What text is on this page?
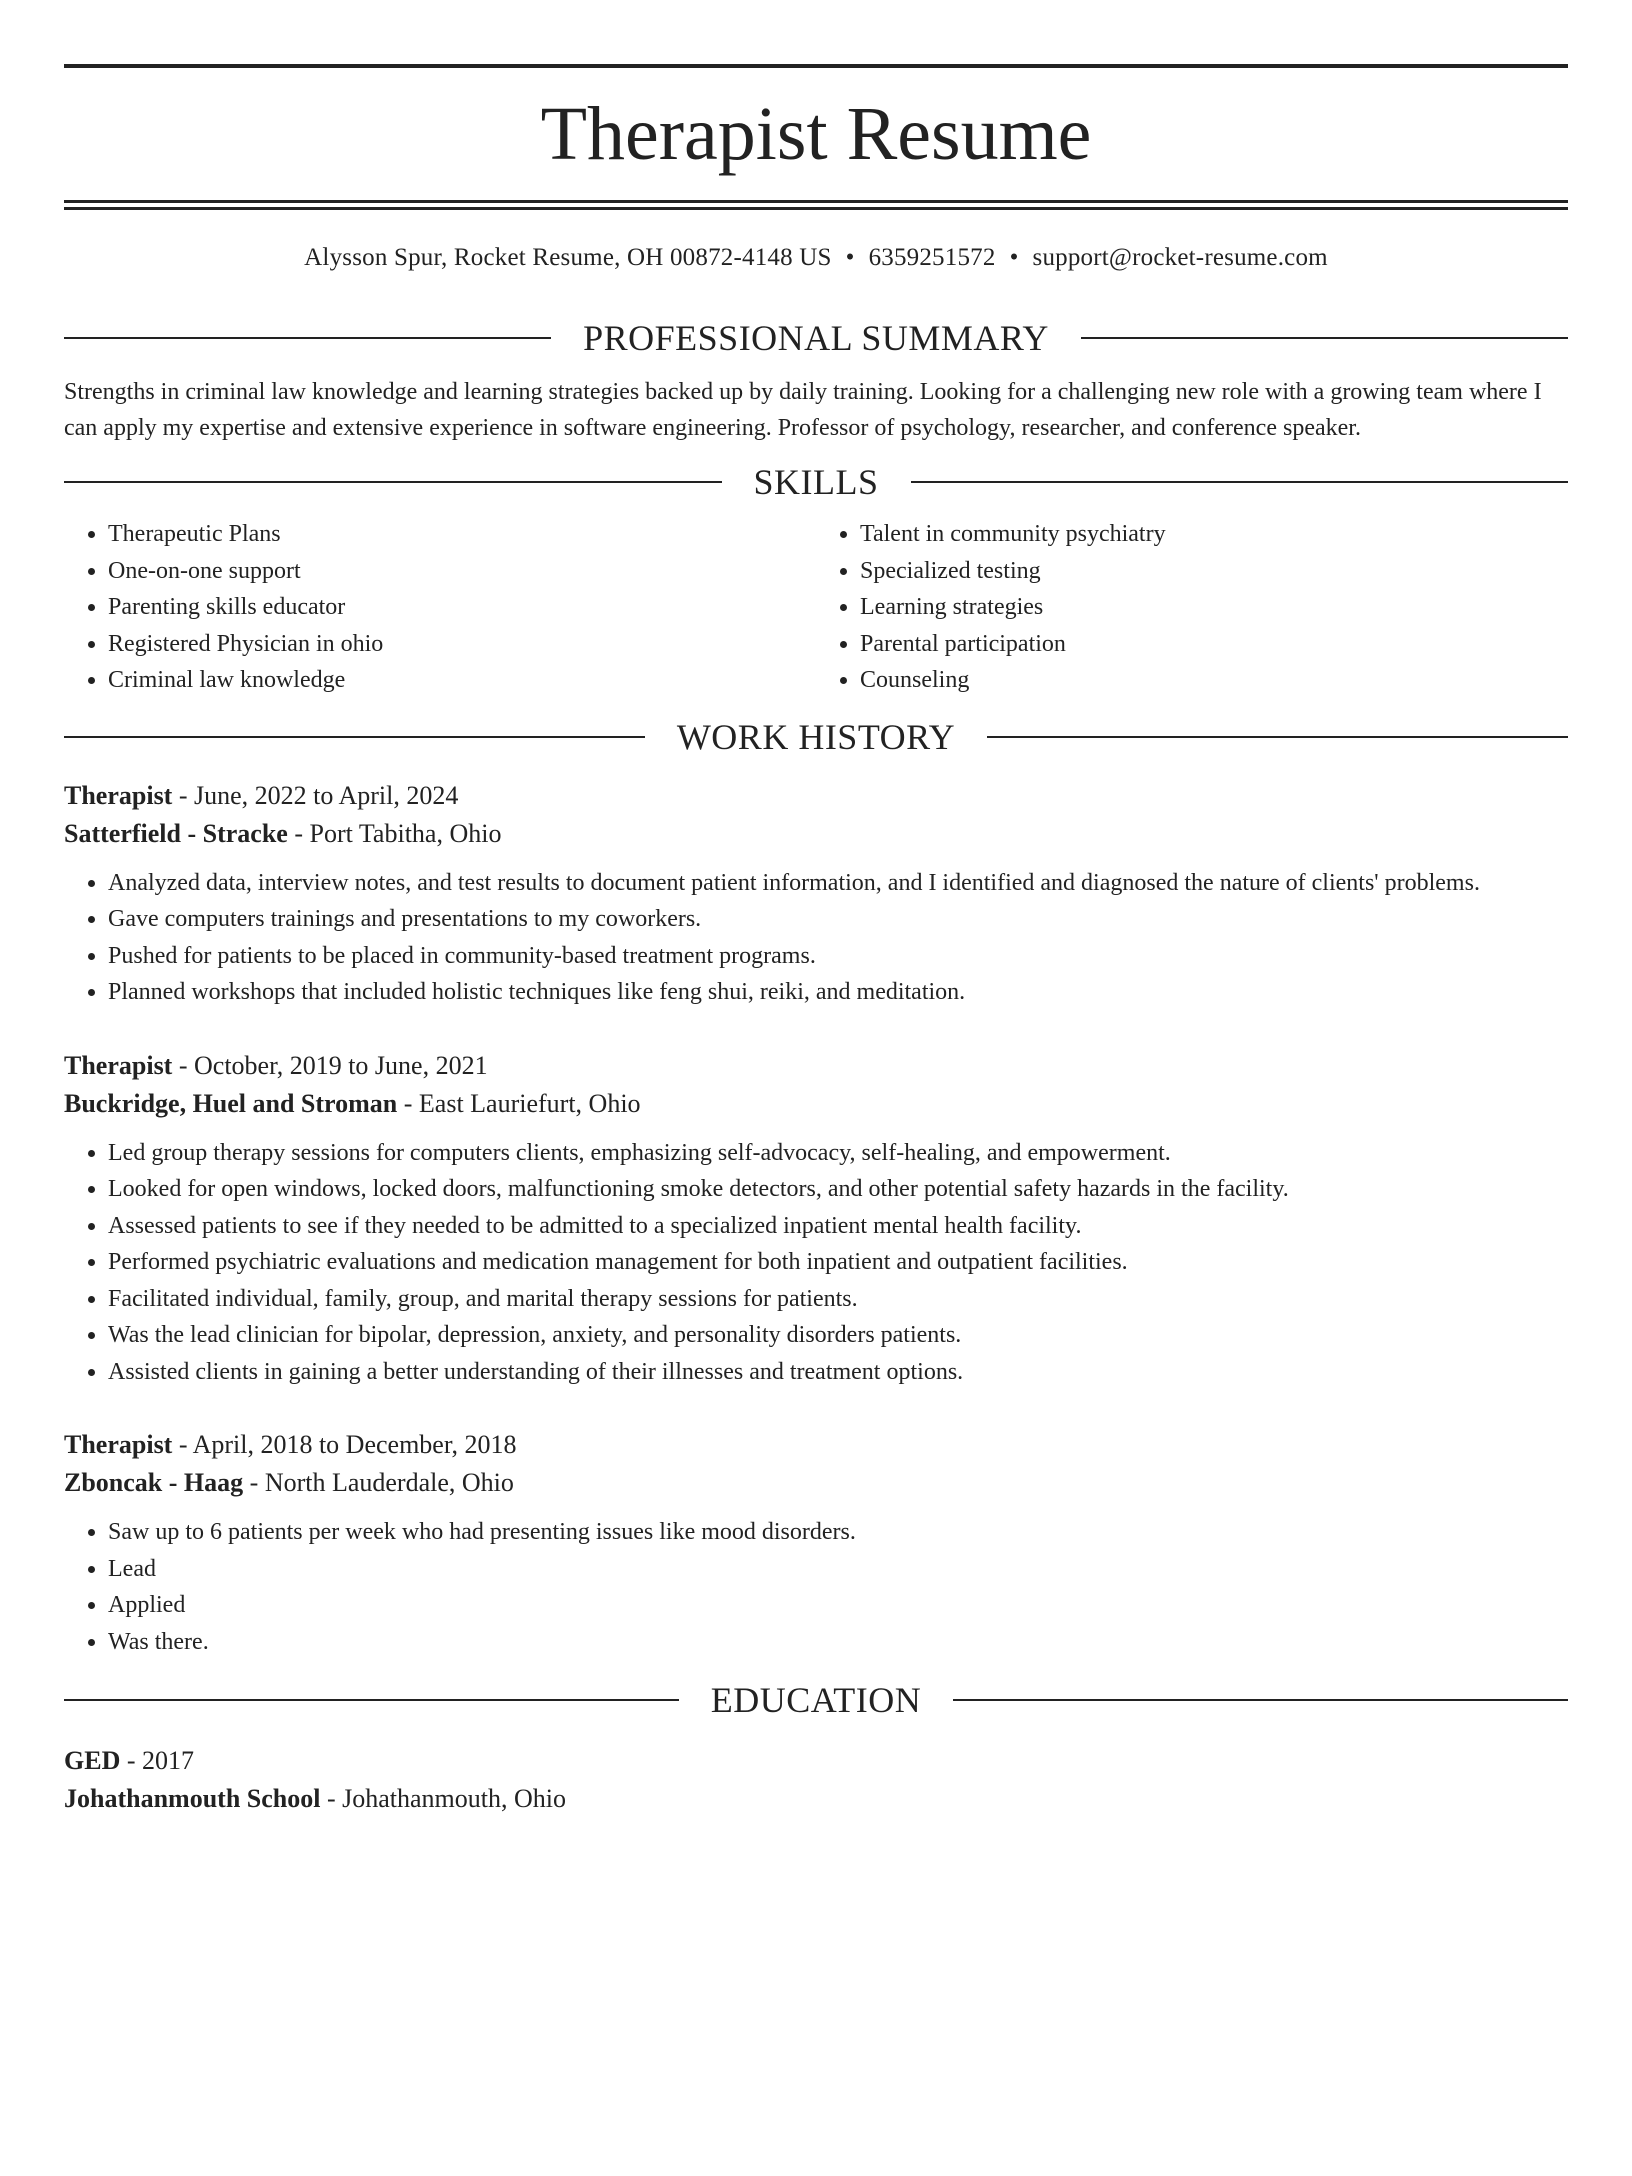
Therapist Resume
Alysson Spur, Rocket Resume, OH 00872-4148 US • 6359251572 • support@rocket-resume.com
PROFESSIONAL SUMMARY
Strengths in criminal law knowledge and learning strategies backed up by daily training. Looking for a challenging new role with a growing team where I can apply my expertise and extensive experience in software engineering. Professor of psychology, researcher, and conference speaker.
SKILLS
• Therapeutic Plans
• One-on-one support
• Parenting skills educator
• Registered Physician in ohio
• Criminal law knowledge
• Talent in community psychiatry
• Specialized testing
• Learning strategies
• Parental participation
• Counseling
WORK HISTORY
Therapist - June, 2022 to April, 2024
Satterfield - Stracke - Port Tabitha, Ohio
• Analyzed data, interview notes, and test results to document patient information, and I identified and diagnosed the nature of clients' problems.
• Gave computers trainings and presentations to my coworkers.
• Pushed for patients to be placed in community-based treatment programs.
• Planned workshops that included holistic techniques like feng shui, reiki, and meditation.
Therapist - October, 2019 to June, 2021
Buckridge, Huel and Stroman - East Lauriefurt, Ohio
• Led group therapy sessions for computers clients, emphasizing self-advocacy, self-healing, and empowerment.
• Looked for open windows, locked doors, malfunctioning smoke detectors, and other potential safety hazards in the facility.
• Assessed patients to see if they needed to be admitted to a specialized inpatient mental health facility.
• Performed psychiatric evaluations and medication management for both inpatient and outpatient facilities.
• Facilitated individual, family, group, and marital therapy sessions for patients.
• Was the lead clinician for bipolar, depression, anxiety, and personality disorders patients.
• Assisted clients in gaining a better understanding of their illnesses and treatment options.
Therapist - April, 2018 to December, 2018
Zboncak - Haag - North Lauderdale, Ohio
• Saw up to 6 patients per week who had presenting issues like mood disorders.
• Lead
• Applied
• Was there.
EDUCATION
GED - 2017
Johathanmouth School - Johathanmouth, Ohio
